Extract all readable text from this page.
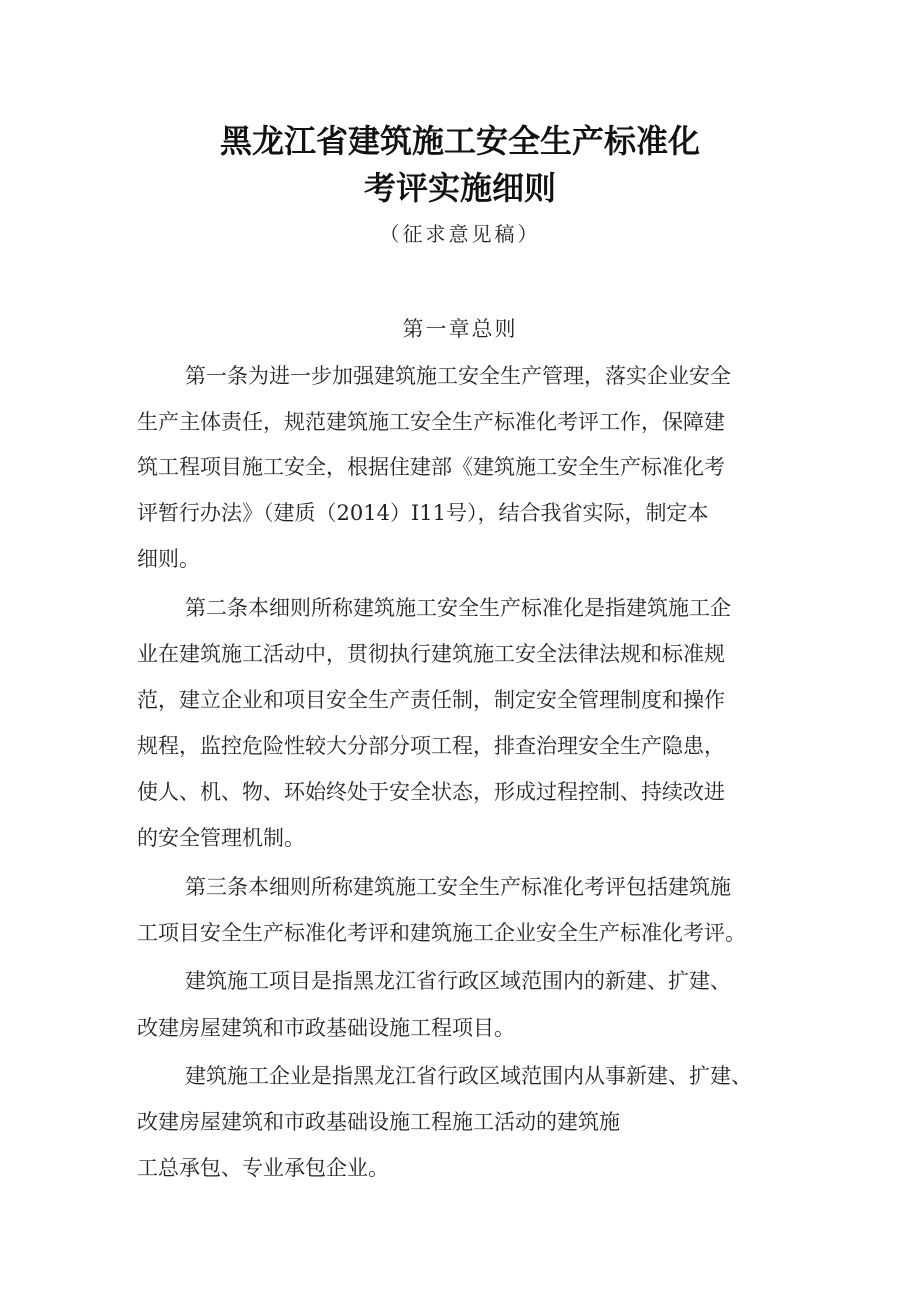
黑龙江省建筑施工安全生产标准化
考评实施细则
（征求意见稿）
第一章总则
第一条为进一步加强建筑施工安全生产管理，落实企业安全
生产主体责任，规范建筑施工安全生产标准化考评工作，保障建
筑工程项目施工安全，根据住建部《建筑施工安全生产标准化考
评暂行办法》（建质（2014）I11号），结合我省实际，制定本
细则。
第二条本细则所称建筑施工安全生产标准化是指建筑施工企
业在建筑施工活动中，贯彻执行建筑施工安全法律法规和标准规
范，建立企业和项目安全生产责任制，制定安全管理制度和操作
规程，监控危险性较大分部分项工程，排查治理安全生产隐患，
使人、机、物、环始终处于安全状态，形成过程控制、持续改进
的安全管理机制。
第三条本细则所称建筑施工安全生产标准化考评包括建筑施
工项目安全生产标准化考评和建筑施工企业安全生产标准化考评。
建筑施工项目是指黑龙江省行政区域范围内的新建、扩建、
改建房屋建筑和市政基础设施工程项目。
建筑施工企业是指黑龙江省行政区域范围内从事新建、扩建、
改建房屋建筑和市政基础设施工程施工活动的建筑施
工总承包、专业承包企业。
